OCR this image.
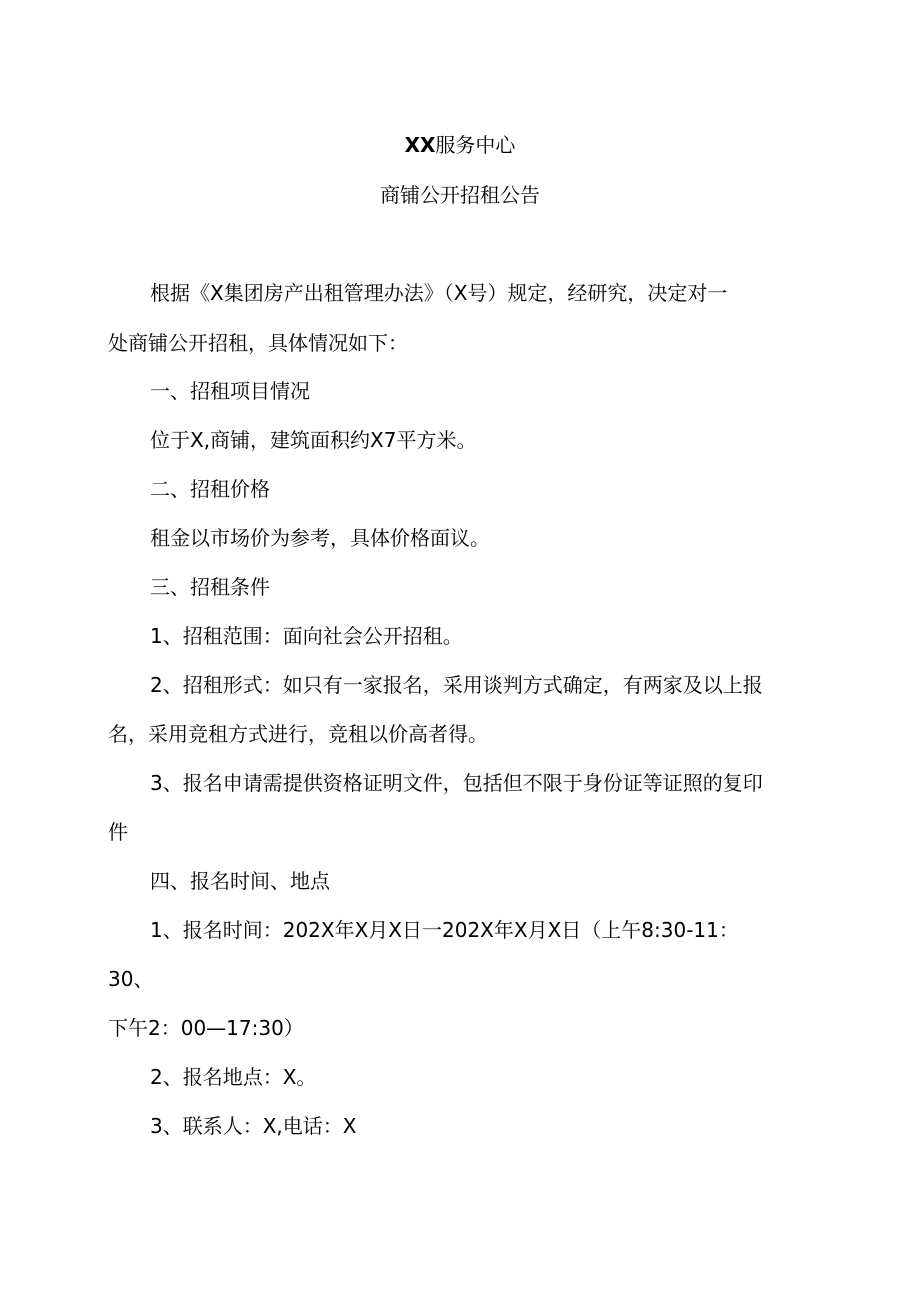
XX服务中心

商铺公开招租公告

根据《X集团房产出租管理办法》（X号）规定，经研究，决定对一

处商铺公开招租，具体情况如下：

一、招租项目情况

位于X,商铺，建筑面积约X7平方米。

二、招租价格

租金以市场价为参考，具体价格面议。

三、招租条件

1、招租范围：面向社会公开招租。

2、招租形式：如只有一家报名，采用谈判方式确定，有两家及以上报

名，采用竞租方式进行，竞租以价高者得。

3、报名申请需提供资格证明文件，包括但不限于身份证等证照的复印

件

四、报名时间、地点

1、报名时间：202X年X月X日一202X年X月X日（上午8:30-11：

30、

下午2：00—17:30）

2、报名地点：X。

3、联系人：X,电话：X
